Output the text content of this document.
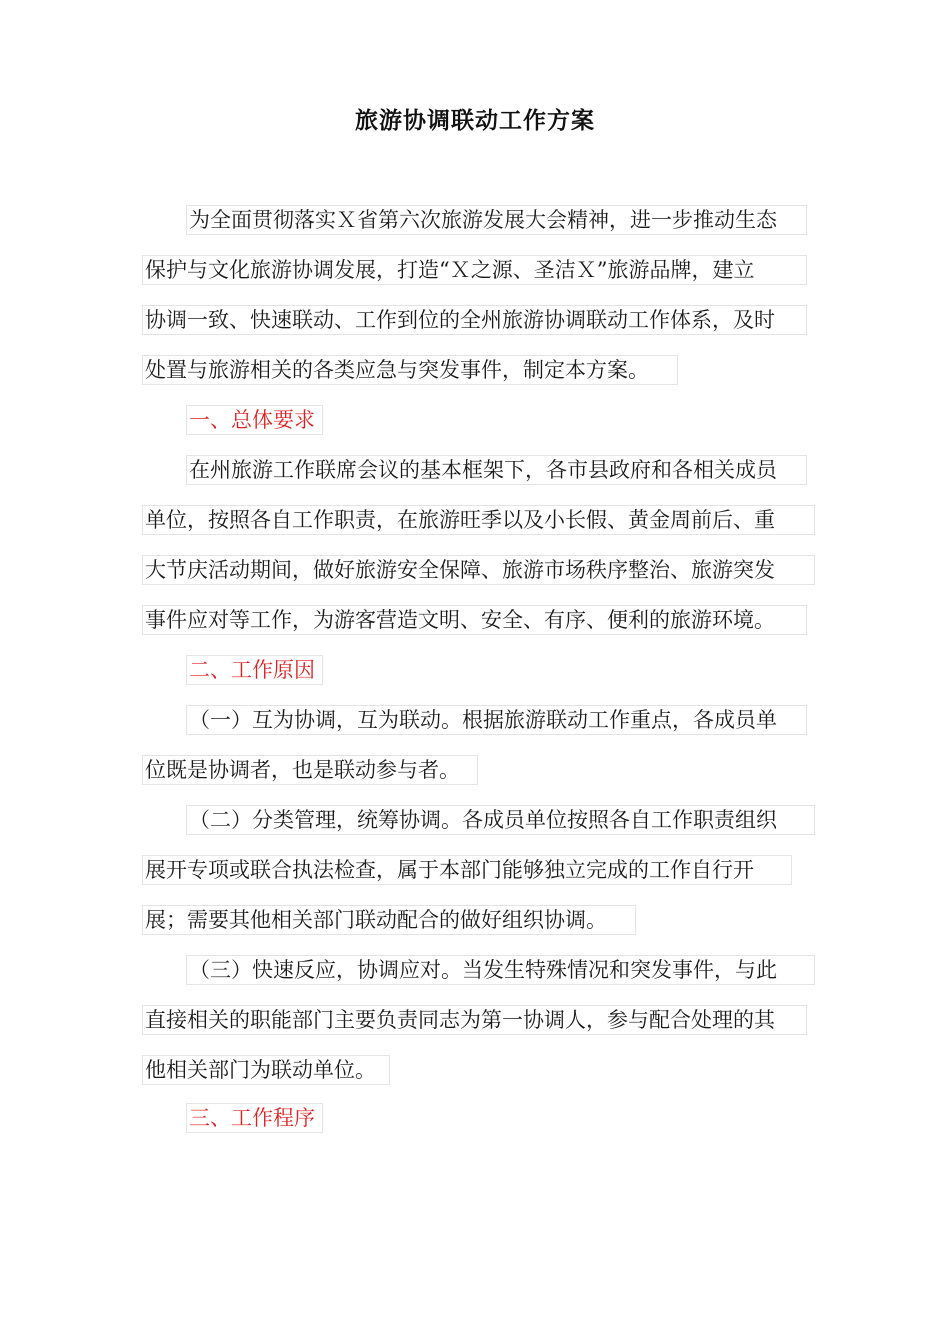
旅游协调联动工作方案
为全面贯彻落实Ｘ省第六次旅游发展大会精神，进一步推动生态
保护与文化旅游协调发展，打造“Ｘ之源、圣洁Ｘ”旅游品牌，建立
协调一致、快速联动、工作到位的全州旅游协调联动工作体系，及时
处置与旅游相关的各类应急与突发事件，制定本方案。
一、总体要求
在州旅游工作联席会议的基本框架下，各市县政府和各相关成员
单位，按照各自工作职责，在旅游旺季以及小长假、黄金周前后、重
大节庆活动期间，做好旅游安全保障、旅游市场秩序整治、旅游突发
事件应对等工作，为游客营造文明、安全、有序、便利的旅游环境。
二、工作原因
（一）互为协调，互为联动。根据旅游联动工作重点，各成员单
位既是协调者，也是联动参与者。
（二）分类管理，统筹协调。各成员单位按照各自工作职责组织
展开专项或联合执法检查，属于本部门能够独立完成的工作自行开
展；需要其他相关部门联动配合的做好组织协调。
（三）快速反应，协调应对。当发生特殊情况和突发事件，与此
直接相关的职能部门主要负责同志为第一协调人，参与配合处理的其
他相关部门为联动单位。
三、工作程序
